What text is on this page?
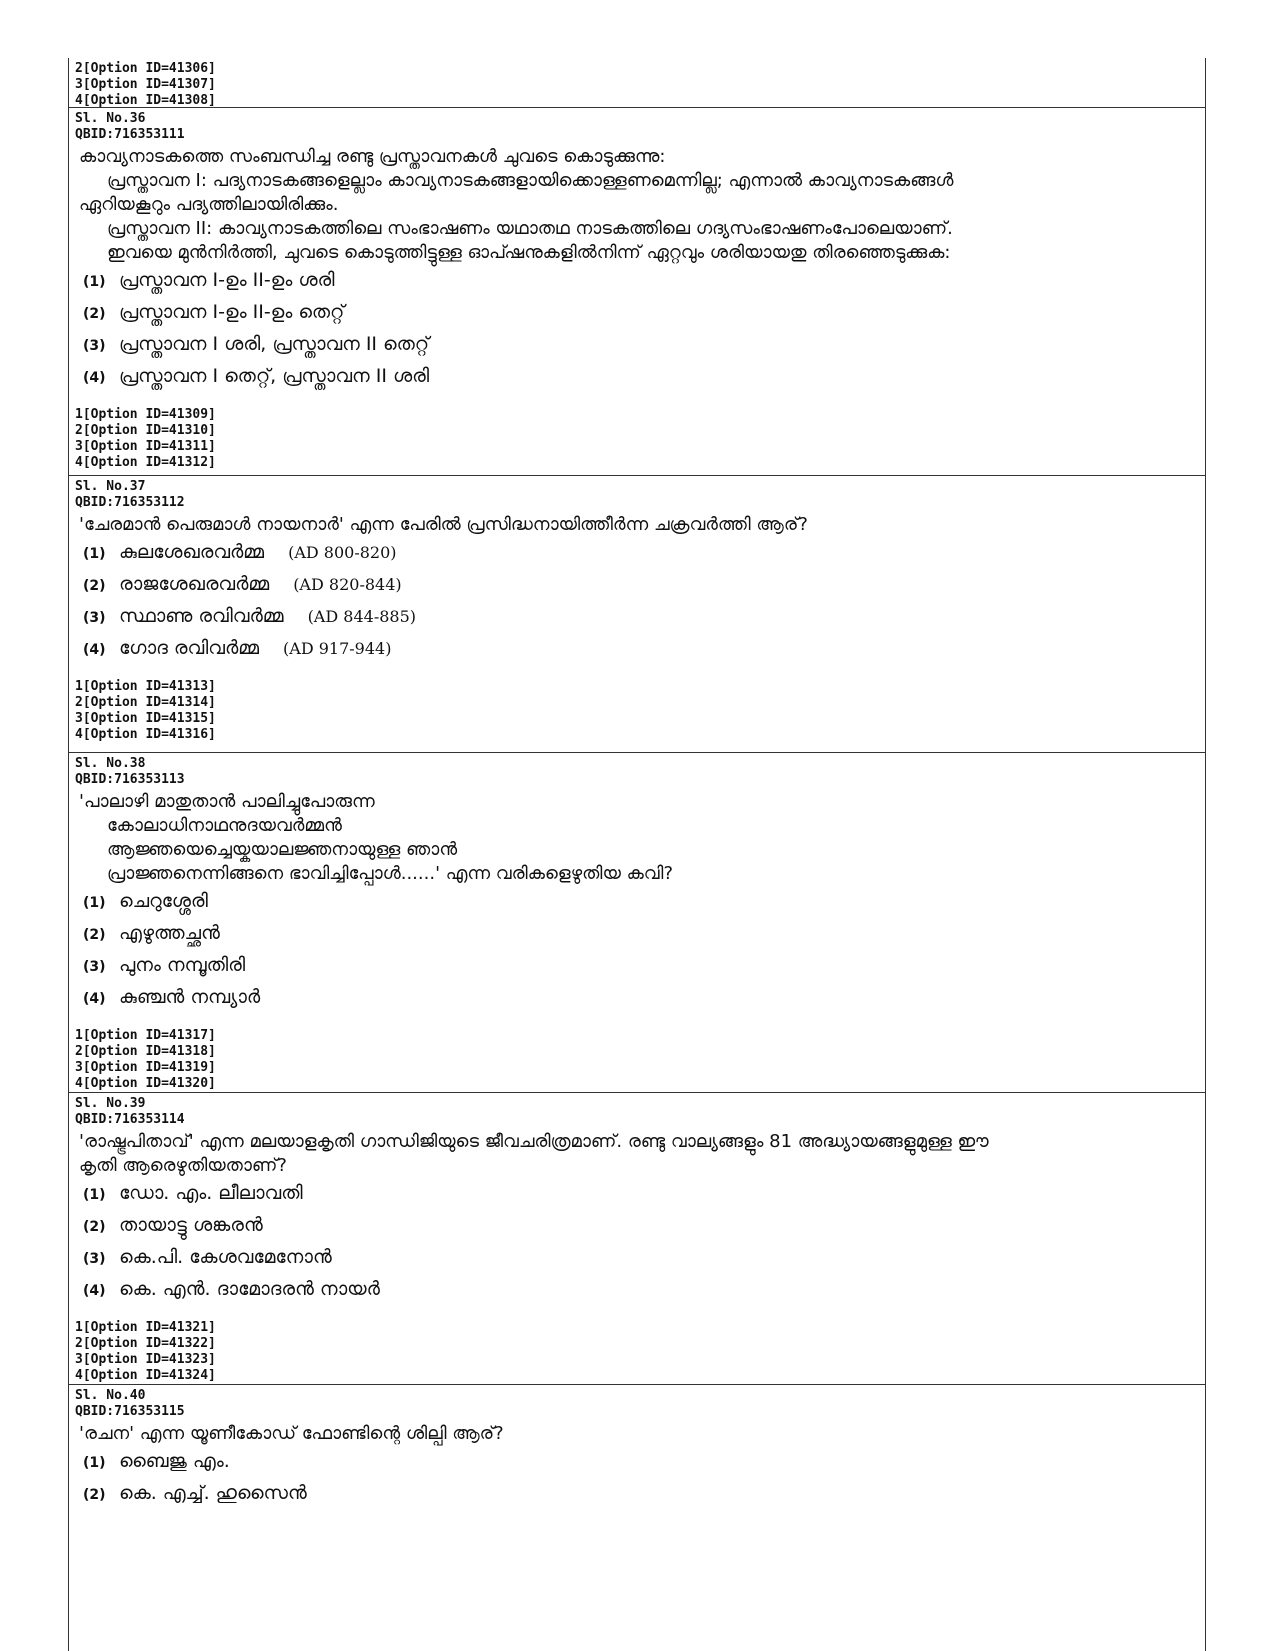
2[Option ID=41306]
3[Option ID=41307]
4[Option ID=41308]
Sl. No.36
QBID:716353111
കാവ്യനാടകത്തെ സംബന്ധിച്ച രണ്ടു പ്രസ്താവനകൾ ചുവടെ കൊടുക്കുന്നു:
പ്രസ്താവന I: പദ്യനാടകങ്ങളെല്ലാം കാവ്യനാടകങ്ങളായിക്കൊള്ളണമെന്നില്ല; എന്നാൽ കാവ്യനാടകങ്ങൾ
ഏറിയകൂറും പദ്യത്തിലായിരിക്കും.
പ്രസ്താവന II: കാവ്യനാടകത്തിലെ സംഭാഷണം യഥാതഥ നാടകത്തിലെ ഗദ്യസംഭാഷണംപോലെയാണ്.
ഇവയെ മുൻനിർത്തി, ചുവടെ കൊടുത്തിട്ടുള്ള ഓപ്ഷനുകളിൽനിന്ന് ഏറ്റവും ശരിയായതു തിരഞ്ഞെടുക്കുക:
(1) പ്രസ്താവന I-ഉം II-ഉം ശരി
(2) പ്രസ്താവന I-ഉം II-ഉം തെറ്റ്
(3) പ്രസ്താവന I ശരി, പ്രസ്താവന II തെറ്റ്
(4) പ്രസ്താവന I തെറ്റ്, പ്രസ്താവന II ശരി
1[Option ID=41309]
2[Option ID=41310]
3[Option ID=41311]
4[Option ID=41312]
Sl. No.37
QBID:716353112
'ചേരമാൻ പെരുമാൾ നായനാർ' എന്ന പേരിൽ പ്രസിദ്ധനായിത്തീർന്ന ചക്രവർത്തി ആര്?
(1) കുലശേഖരവർമ്മ (AD 800-820)
(2) രാജശേഖരവർമ്മ (AD 820-844)
(3) സ്ഥാണു രവിവർമ്മ (AD 844-885)
(4) ഗോദ രവിവർമ്മ (AD 917-944)
1[Option ID=41313]
2[Option ID=41314]
3[Option ID=41315]
4[Option ID=41316]
Sl. No.38
QBID:716353113
'പാലാഴി മാതുതാൻ പാലിച്ചുപോരുന്ന
കോലാധിനാഥനുദയവർമ്മൻ
ആജ്ഞയെച്ചെയ്കയാലജ്ഞനായുള്ള ഞാൻ
പ്രാജ്ഞനെന്നിങ്ങനെ ഭാവിച്ചിപ്പോൾ......' എന്ന വരികളെഴുതിയ കവി?
(1) ചെറുശ്ശേരി
(2) എഴുത്തച്ഛൻ
(3) പുനം നമ്പൂതിരി
(4) കുഞ്ചൻ നമ്പ്യാർ
1[Option ID=41317]
2[Option ID=41318]
3[Option ID=41319]
4[Option ID=41320]
Sl. No.39
QBID:716353114
'രാഷ്ട്രപിതാവ്' എന്ന മലയാളകൃതി ഗാന്ധിജിയുടെ ജീവചരിത്രമാണ്. രണ്ടു വാല്യങ്ങളും 81 അദ്ധ്യായങ്ങളുമുള്ള ഈ
കൃതി ആരെഴുതിയതാണ്?
(1) ഡോ. എം. ലീലാവതി
(2) തായാട്ടു ശങ്കരൻ
(3) കെ.പി. കേശവമേനോൻ
(4) കെ. എൻ. ദാമോദരൻ നായർ
1[Option ID=41321]
2[Option ID=41322]
3[Option ID=41323]
4[Option ID=41324]
Sl. No.40
QBID:716353115
'രചന' എന്ന യൂണീകോഡ് ഫോണ്ടിന്റെ ശില്പി ആര്?
(1) ബൈജു എം.
(2) കെ. എച്ച്. ഹുസൈൻ
